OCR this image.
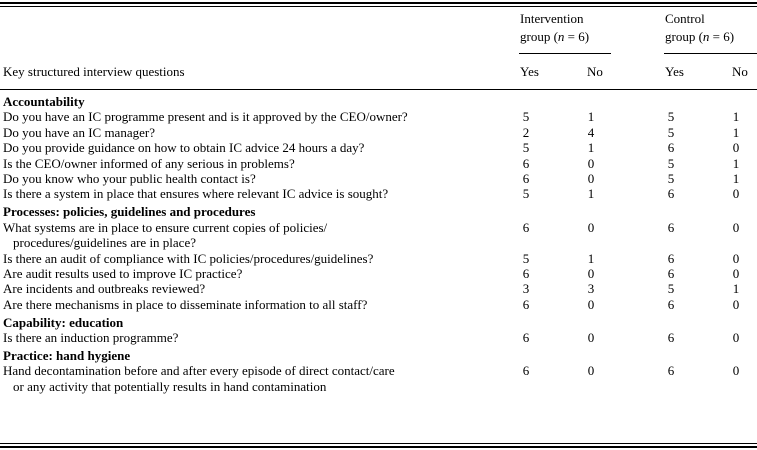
Intervention
group (n = 6)
Control
group (n = 6)
Key structured interview questions	Yes	No	Yes	No
Accountability
Do you have an IC programme present and is it approved by the CEO/owner?	5	1	5	1
Do you have an IC manager?	2	4	5	1
Do you provide guidance on how to obtain IC advice 24 hours a day?	5	1	6	0
Is the CEO/owner informed of any serious in problems?	6	0	5	1
Do you know who your public health contact is?	6	0	5	1
Is there a system in place that ensures where relevant IC advice is sought?	5	1	6	0
Processes: policies, guidelines and procedures
What systems are in place to ensure current copies of policies/
procedures/guidelines are in place?
6	0	6	0
Is there an audit of compliance with IC policies/procedures/guidelines?	5	1	6	0
Are audit results used to improve IC practice?	6	0	6	0
Are incidents and outbreaks reviewed?	3	3	5	1
Are there mechanisms in place to disseminate information to all staff?	6	0	6	0
Capability: education
Is there an induction programme?	6	0	6	0
Practice: hand hygiene
Hand decontamination before and after every episode of direct contact/care
or any activity that potentially results in hand contamination
6	0	6	0
